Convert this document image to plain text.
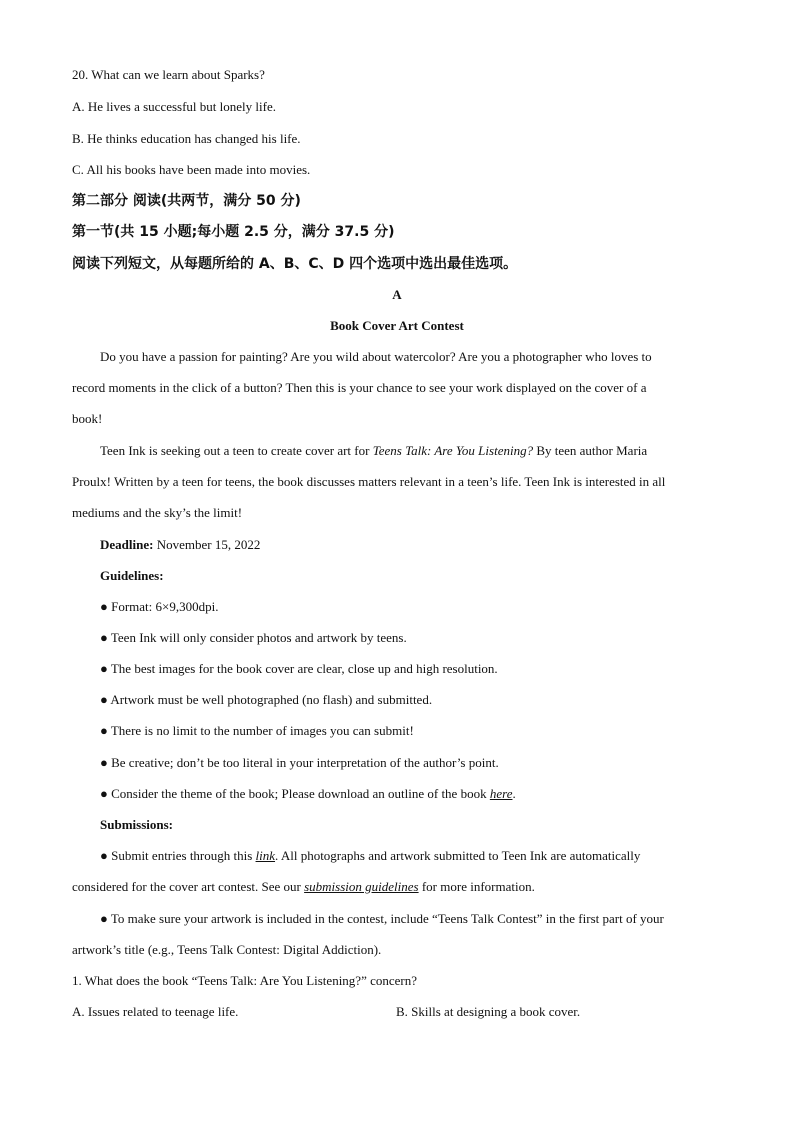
20. What can we learn about Sparks?
A. He lives a successful but lonely life.
B. He thinks education has changed his life.
C. All his books have been made into movies.
第二部分 阅读(共两节，满分 50 分)
第一节(共 15 小题;每小题 2.5 分，满分 37.5 分)
阅读下列短文，从每题所给的 A、B、C、D 四个选项中选出最佳选项。
A
Book Cover Art Contest
Do you have a passion for painting? Are you wild about watercolor? Are you a photographer who loves to
record moments in the click of a button? Then this is your chance to see your work displayed on the cover of a
book!
Teen Ink is seeking out a teen to create cover art for Teens Talk: Are You Listening? By teen author Maria
Proulx! Written by a teen for teens, the book discusses matters relevant in a teen’s life. Teen Ink is interested in all
mediums and the sky’s the limit!
Deadline: November 15, 2022
Guidelines:
● Format: 6×9,300dpi.
● Teen Ink will only consider photos and artwork by teens.
● The best images for the book cover are clear, close up and high resolution.
● Artwork must be well photographed (no flash) and submitted.
● There is no limit to the number of images you can submit!
● Be creative; don’t be too literal in your interpretation of the author’s point.
● Consider the theme of the book; Please download an outline of the book here.
Submissions:
● Submit entries through this link. All photographs and artwork submitted to Teen Ink are automatically
considered for the cover art contest. See our submission guidelines for more information.
● To make sure your artwork is included in the contest, include “Teens Talk Contest” in the first part of your
artwork’s title (e.g., Teens Talk Contest: Digital Addiction).
1. What does the book “Teens Talk: Are You Listening?” concern?
A. Issues related to teenage life.	B. Skills at designing a book cover.
